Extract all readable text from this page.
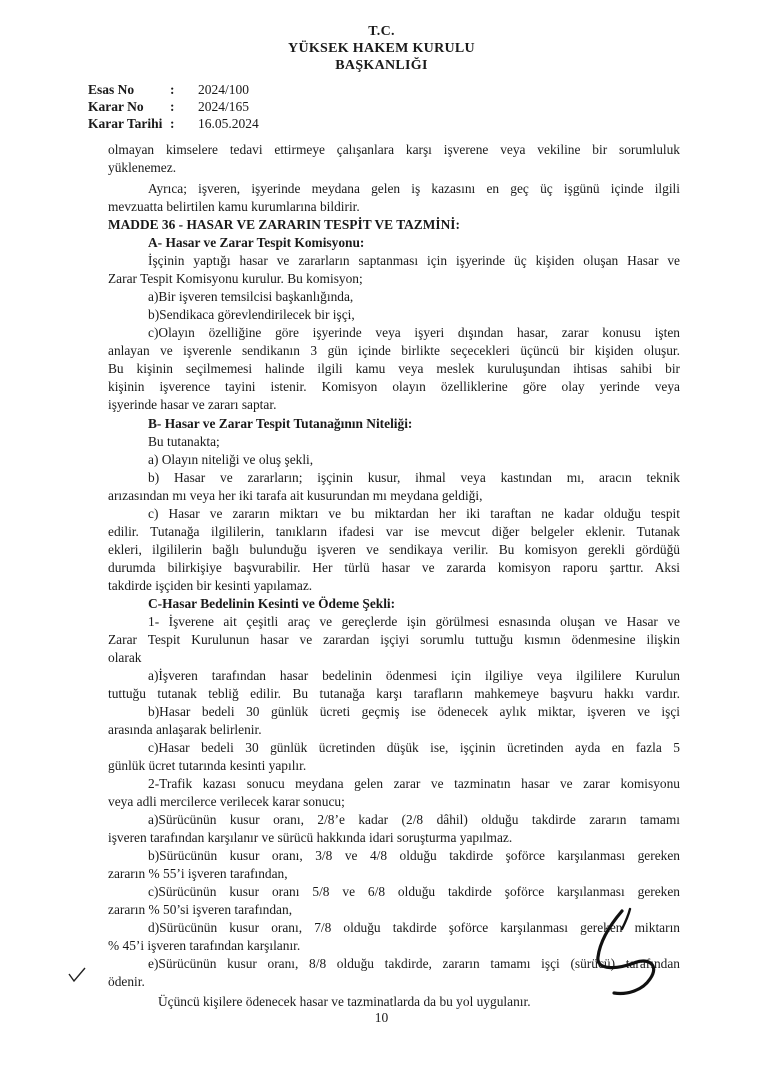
T.C.
YÜKSEK HAKEM KURULU
BAŞKANLIĞI
Esas No	: 2024/100
Karar No : 2024/165
Karar Tarihi : 16.05.2024
olmayan kimselere tedavi ettirmeye çalışanlara karşı işverene veya vekiline bir sorumluluk
yüklenemez.
Ayrıca; işveren, işyerinde meydana gelen iş kazasını en geç üç işgünü içinde ilgili
mevzuatta belirtilen kamu kurumlarına bildirir.
MADDE 36 - HASAR VE ZARARIN TESPİT VE TAZMİNİ:
A- Hasar ve Zarar Tespit Komisyonu:
İşçinin yaptığı hasar ve zararların saptanması için işyerinde üç kişiden oluşan Hasar ve
Zarar Tespit Komisyonu kurulur. Bu komisyon;
a)Bir işveren temsilcisi başkanlığında,
b)Sendikaca görevlendirilecek bir işçi,
c)Olayın özelliğine göre işyerinde veya işyeri dışından hasar, zarar konusu işten
anlayan ve işverenle sendikanın 3 gün içinde birlikte seçecekleri üçüncü bir kişiden oluşur.
Bu kişinin seçilmemesi halinde ilgili kamu veya meslek kuruluşundan ihtisas sahibi bir
kişinin işverence tayini istenir. Komisyon olayın özelliklerine göre olay yerinde veya
işyerinde hasar ve zararı saptar.
B- Hasar ve Zarar Tespit Tutanağının Niteliği:
Bu tutanakta;
a) Olayın niteliği ve oluş şekli,
b) Hasar ve zararların; işçinin kusur, ihmal veya kastından mı, aracın teknik
arızasından mı veya her iki tarafa ait kusurundan mı meydana geldiği,
c) Hasar ve zararın miktarı ve bu miktardan her iki taraftan ne kadar olduğu tespit
edilir. Tutanağa ilgililerin, tanıkların ifadesi var ise mevcut diğer belgeler eklenir. Tutanak
ekleri, ilgililerin bağlı bulunduğu işveren ve sendikaya verilir. Bu komisyon gerekli gördüğü
durumda bilirkişiye başvurabilir. Her türlü hasar ve zararda komisyon raporu şarttır. Aksi
takdirde işçiden bir kesinti yapılamaz.
C-Hasar Bedelinin Kesinti ve Ödeme Şekli:
1- İşverene ait çeşitli araç ve gereçlerde işin görülmesi esnasında oluşan ve Hasar ve
Zarar Tespit Kurulunun hasar ve zarardan işçiyi sorumlu tuttuğu kısmın ödenmesine ilişkin
olarak
a)İşveren tarafından hasar bedelinin ödenmesi için ilgiliye veya ilgililere Kurulun
tuttuğu tutanak tebliğ edilir. Bu tutanağa karşı tarafların mahkemeye başvuru hakkı vardır.
b)Hasar bedeli 30 günlük ücreti geçmiş ise ödenecek aylık miktar, işveren ve işçi
arasında anlaşarak belirlenir.
c)Hasar bedeli 30 günlük ücretinden düşük ise, işçinin ücretinden ayda en fazla 5
günlük ücret tutarında kesinti yapılır.
2-Trafik kazası sonucu meydana gelen zarar ve tazminatın hasar ve zarar komisyonu
veya adli mercilerce verilecek karar sonucu;
a)Sürücünün kusur oranı, 2/8’e kadar (2/8 dâhil) olduğu takdirde zararın tamamı
işveren tarafından karşılanır ve sürücü hakkında idari soruşturma yapılmaz.
b)Sürücünün kusur oranı, 3/8 ve 4/8 olduğu takdirde şoförce karşılanması gereken
zararın % 55’i işveren tarafından,
c)Sürücünün kusur oranı 5/8 ve 6/8 olduğu takdirde şoförce karşılanması gereken
zararın % 50’si işveren tarafından,
d)Sürücünün kusur oranı, 7/8 olduğu takdirde şoförce karşılanması gereken miktarın
% 45’i işveren tarafından karşılanır.
e)Sürücünün kusur oranı, 8/8 olduğu takdirde, zararın tamamı işçi (sürücü) tarafından
ödenir.
Üçüncü kişilere ödenecek hasar ve tazminatlarda da bu yol uygulanır.
10
